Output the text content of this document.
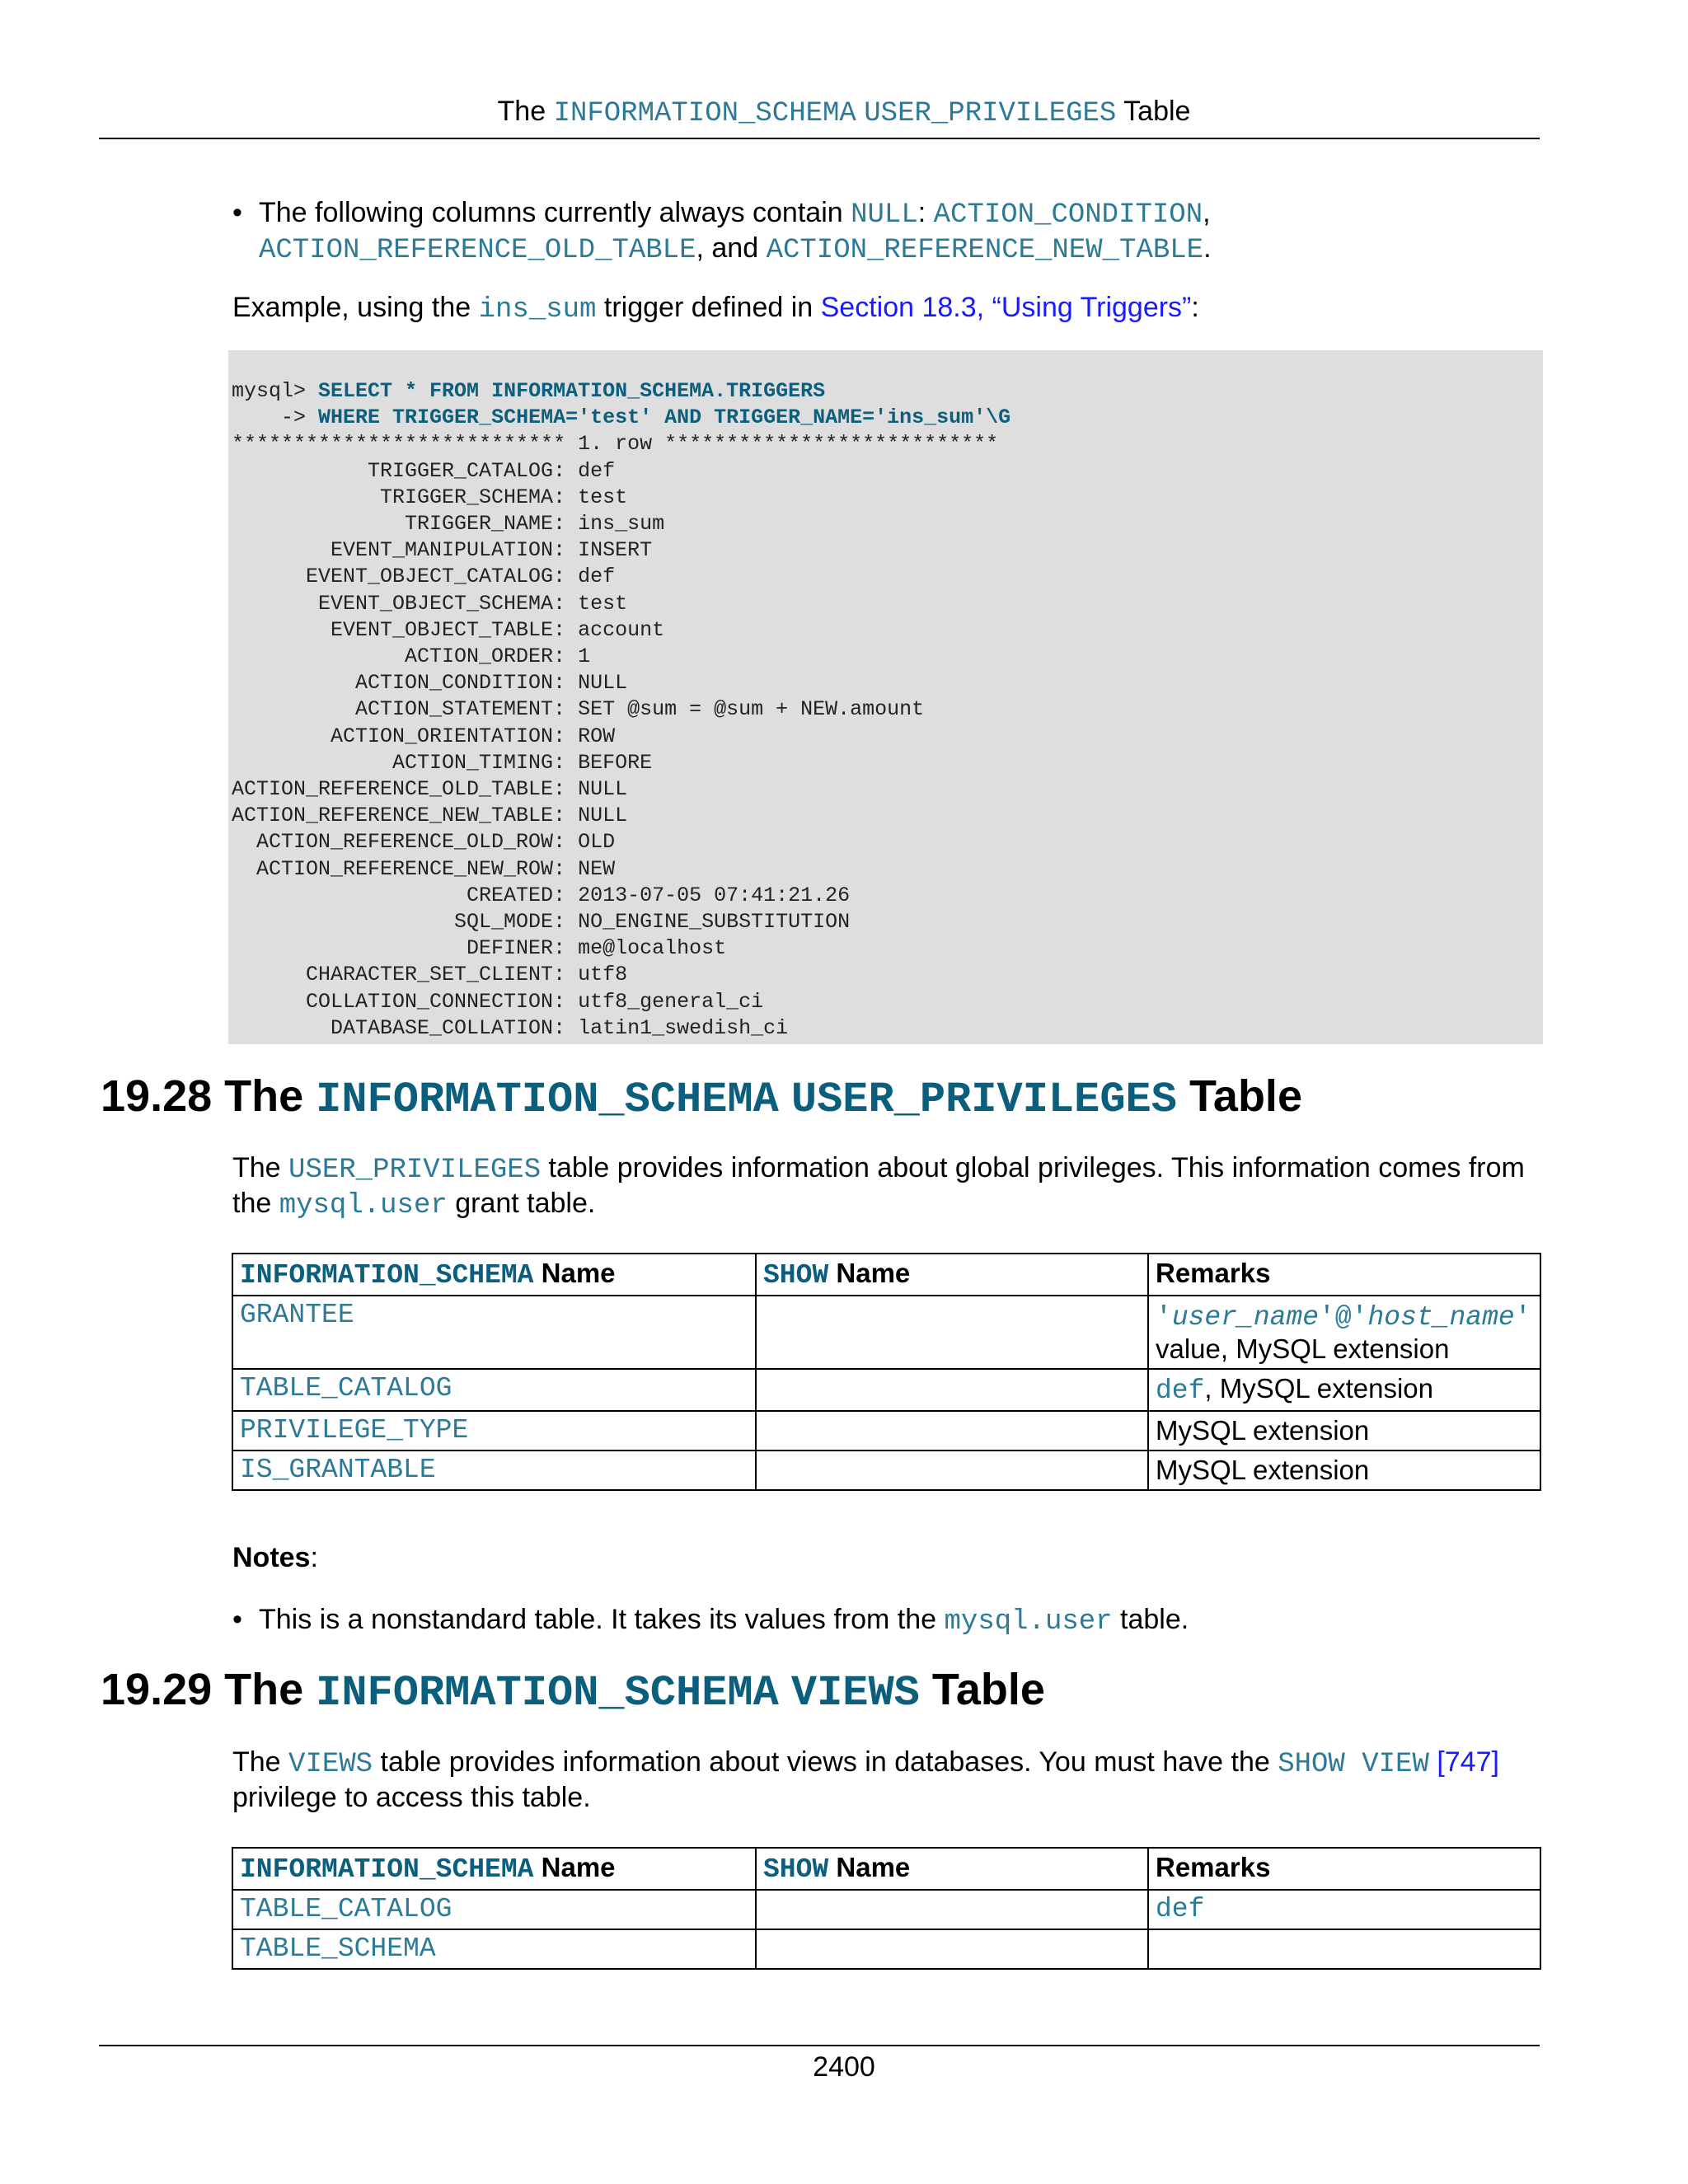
The INFORMATION_SCHEMA USER_PRIVILEGES Table
• The following columns currently always contain NULL: ACTION_CONDITION,
ACTION_REFERENCE_OLD_TABLE, and ACTION_REFERENCE_NEW_TABLE.
Example, using the ins_sum trigger defined in Section 18.3, “Using Triggers”:
mysql> SELECT * FROM INFORMATION_SCHEMA.TRIGGERS
-> WHERE TRIGGER_SCHEMA='test' AND TRIGGER_NAME='ins_sum'\G
*************************** 1. row ***************************
TRIGGER_CATALOG: def
TRIGGER_SCHEMA: test
TRIGGER_NAME: ins_sum
EVENT_MANIPULATION: INSERT
EVENT_OBJECT_CATALOG: def
EVENT_OBJECT_SCHEMA: test
EVENT_OBJECT_TABLE: account
ACTION_ORDER: 1
ACTION_CONDITION: NULL
ACTION_STATEMENT: SET @sum = @sum + NEW.amount
ACTION_ORIENTATION: ROW
ACTION_TIMING: BEFORE
ACTION_REFERENCE_OLD_TABLE: NULL
ACTION_REFERENCE_NEW_TABLE: NULL
ACTION_REFERENCE_OLD_ROW: OLD
ACTION_REFERENCE_NEW_ROW: NEW
CREATED: 2013-07-05 07:41:21.26
SQL_MODE: NO_ENGINE_SUBSTITUTION
DEFINER: me@localhost
CHARACTER_SET_CLIENT: utf8
COLLATION_CONNECTION: utf8_general_ci
DATABASE_COLLATION: latin1_swedish_ci
19.28 The INFORMATION_SCHEMA USER_PRIVILEGES Table
The USER_PRIVILEGES table provides information about global privileges. This information comes from
the mysql.user grant table.
INFORMATION_SCHEMA Name	SHOW Name	Remarks
GRANTEE		'user_name'@'host_name'
value, MySQL extension
TABLE_CATALOG		def, MySQL extension
PRIVILEGE_TYPE		MySQL extension
IS_GRANTABLE		MySQL extension
Notes:
• This is a nonstandard table. It takes its values from the mysql.user table.
19.29 The INFORMATION_SCHEMA VIEWS Table
The VIEWS table provides information about views in databases. You must have the SHOW VIEW [747]
privilege to access this table.
INFORMATION_SCHEMA Name	SHOW Name	Remarks
TABLE_CATALOG		def
TABLE_SCHEMA		
2400
